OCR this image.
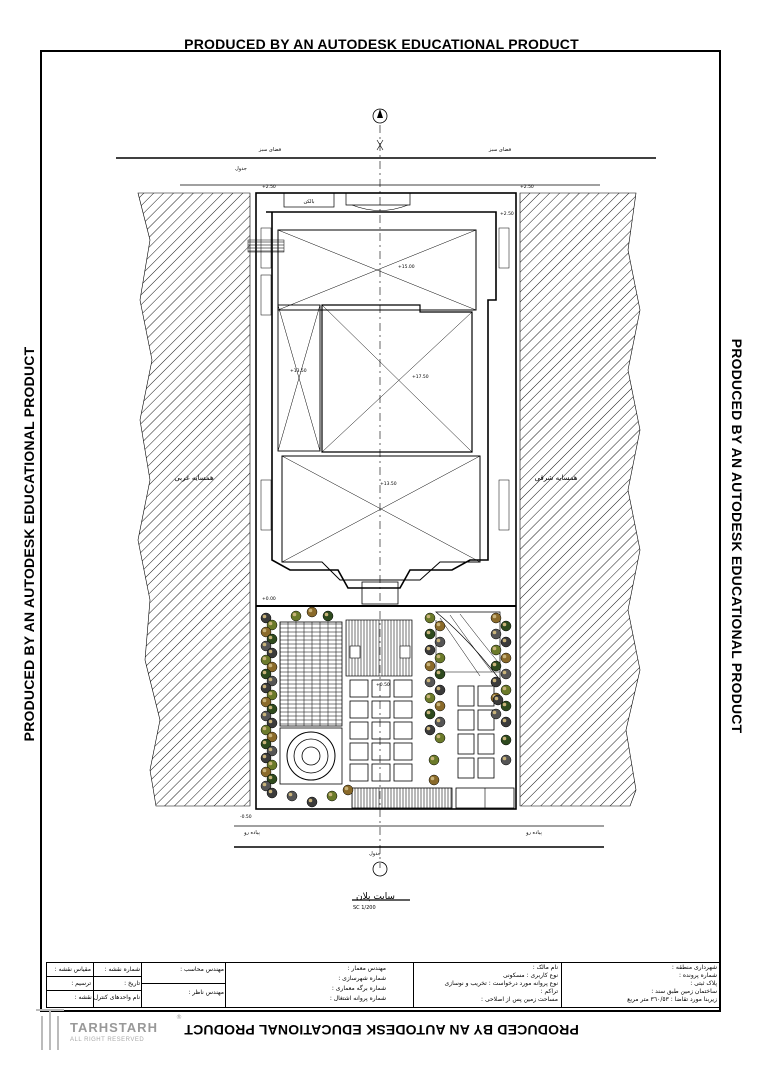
فضای سبز	فضای سبز
جدول
جدول
پیاده رو	پیاده رو
همسایه غربی	همسایه شرقی
بالکن
+2.50	+2.50
+2.50
+15.00
+17.50
+13.50
+13.50
+0.50
+0.00
-0.50
PRODUCED BY AN AUTODESK EDUCATIONAL PRODUCT
PRODUCED BY AN AUTODESK EDUCATIONAL PRODUCT
PRODUCED BY AN AUTODESK EDUCATIONAL PRODUCT	PRODUCED BY AN AUTODESK EDUCATIONAL PRODUCT
سایت پلان
SC 1/200
مقیاس نقشه :
ترسیم :
شماره نقشه :
تاریخ :
نام واحدهای کنترل نقشه :
مهندس محاسب :
مهندس ناظر :
مهندس معمار :
شماره شهرسازی :
شماره برگه معماری :
شماره پروانه اشتغال :
نام مالک :
نوع کاربری : مسکونی
نوع پروانه مورد درخواست : تخریب و نوسازی
تراکم :
مساحت زمین پس از اصلاحی :
شهرداری منطقه :
شماره پرونده :
پلاک ثبتی :
ساختمان زمین طبق سند :
زیربنا مورد تقاضا : ٣٦٠/٥٣ متر مربع
TARHSTARH
ALL RIGHT RESERVED
®
